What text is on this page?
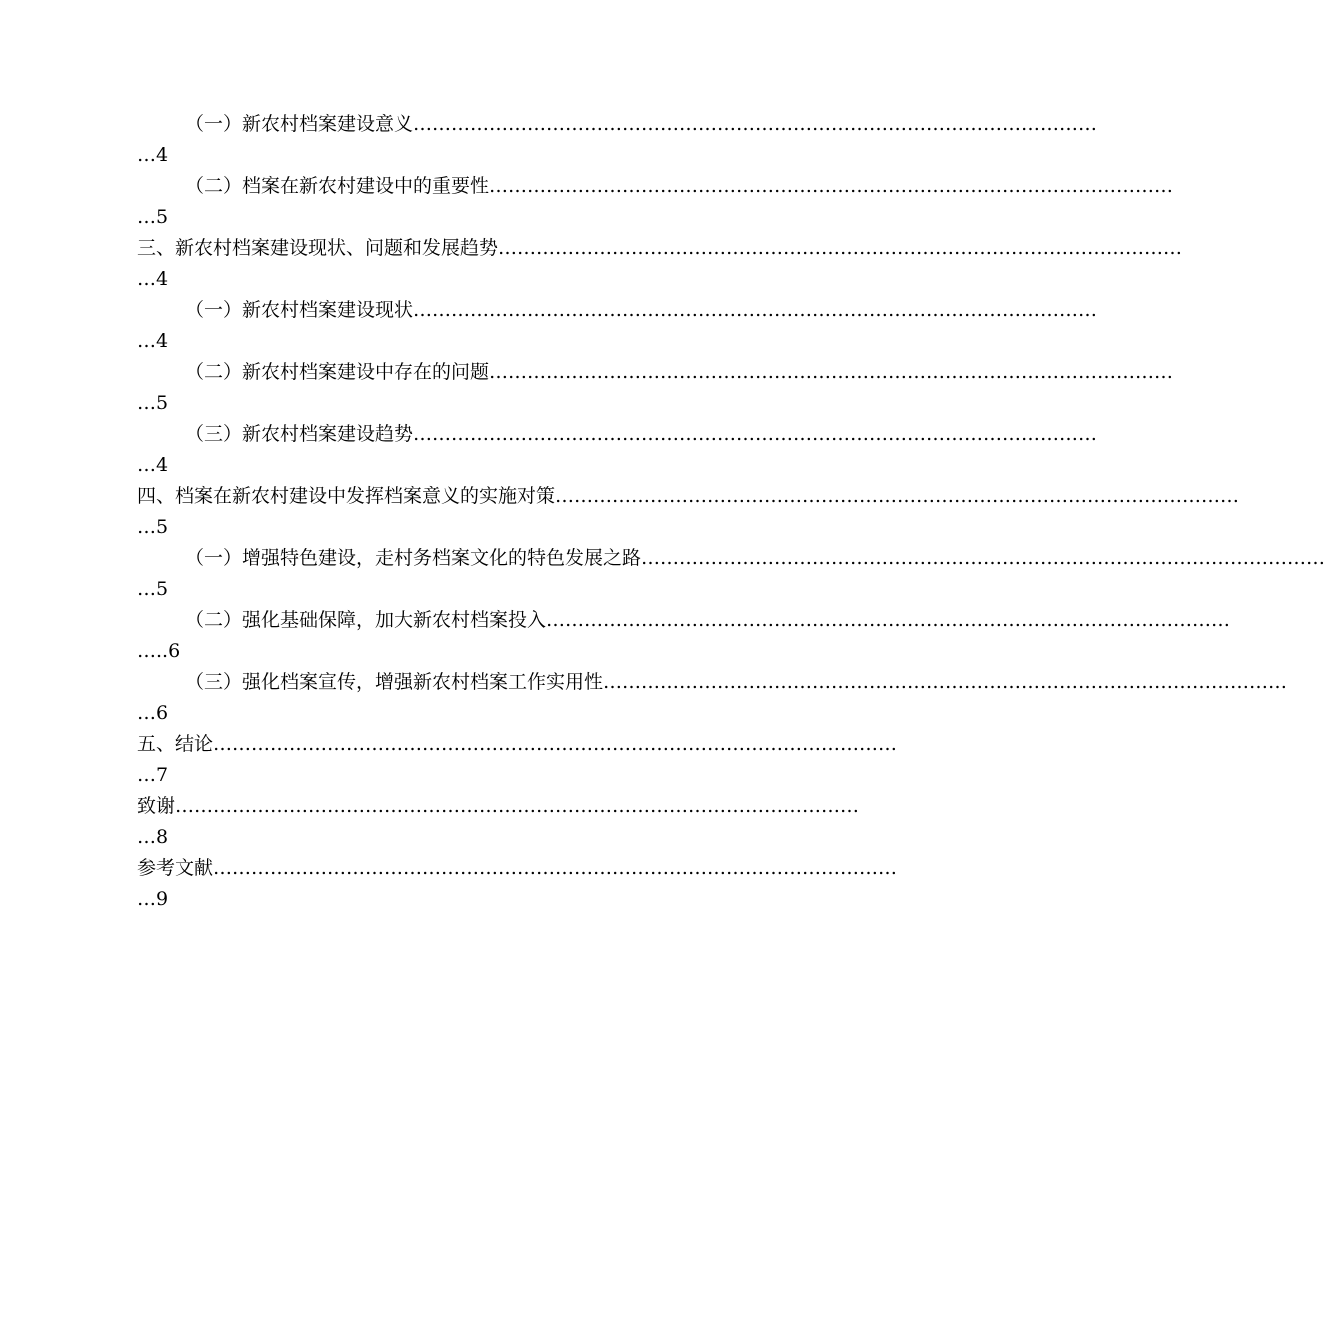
（一）新农村档案建设意义 ………………………………………………………………………………………………
…4
（二）档案在新农村建设中的重要性 ………………………………………………………………………………………………
…5
三、新农村档案建设现状、问题和发展趋势 ………………………………………………………………………………………………
…4
（一）新农村档案建设现状 ………………………………………………………………………………………………
…4
（二）新农村档案建设中存在的问题 ………………………………………………………………………………………………
…5
（三）新农村档案建设趋势 ………………………………………………………………………………………………
…4
四、档案在新农村建设中发挥档案意义的实施对策 ………………………………………………………………………………………………
…5
（一）增强特色建设，走村务档案文化的特色发展之路 ………………………………………………………………………………………………
…5
（二）强化基础保障，加大新农村档案投入 ………………………………………………………………………………………………
…..6
（三）强化档案宣传，增强新农村档案工作实用性 ………………………………………………………………………………………………
…6
五、结论 ………………………………………………………………………………………………
…7
致谢 ………………………………………………………………………………………………
…8
参考文献 ………………………………………………………………………………………………
…9
